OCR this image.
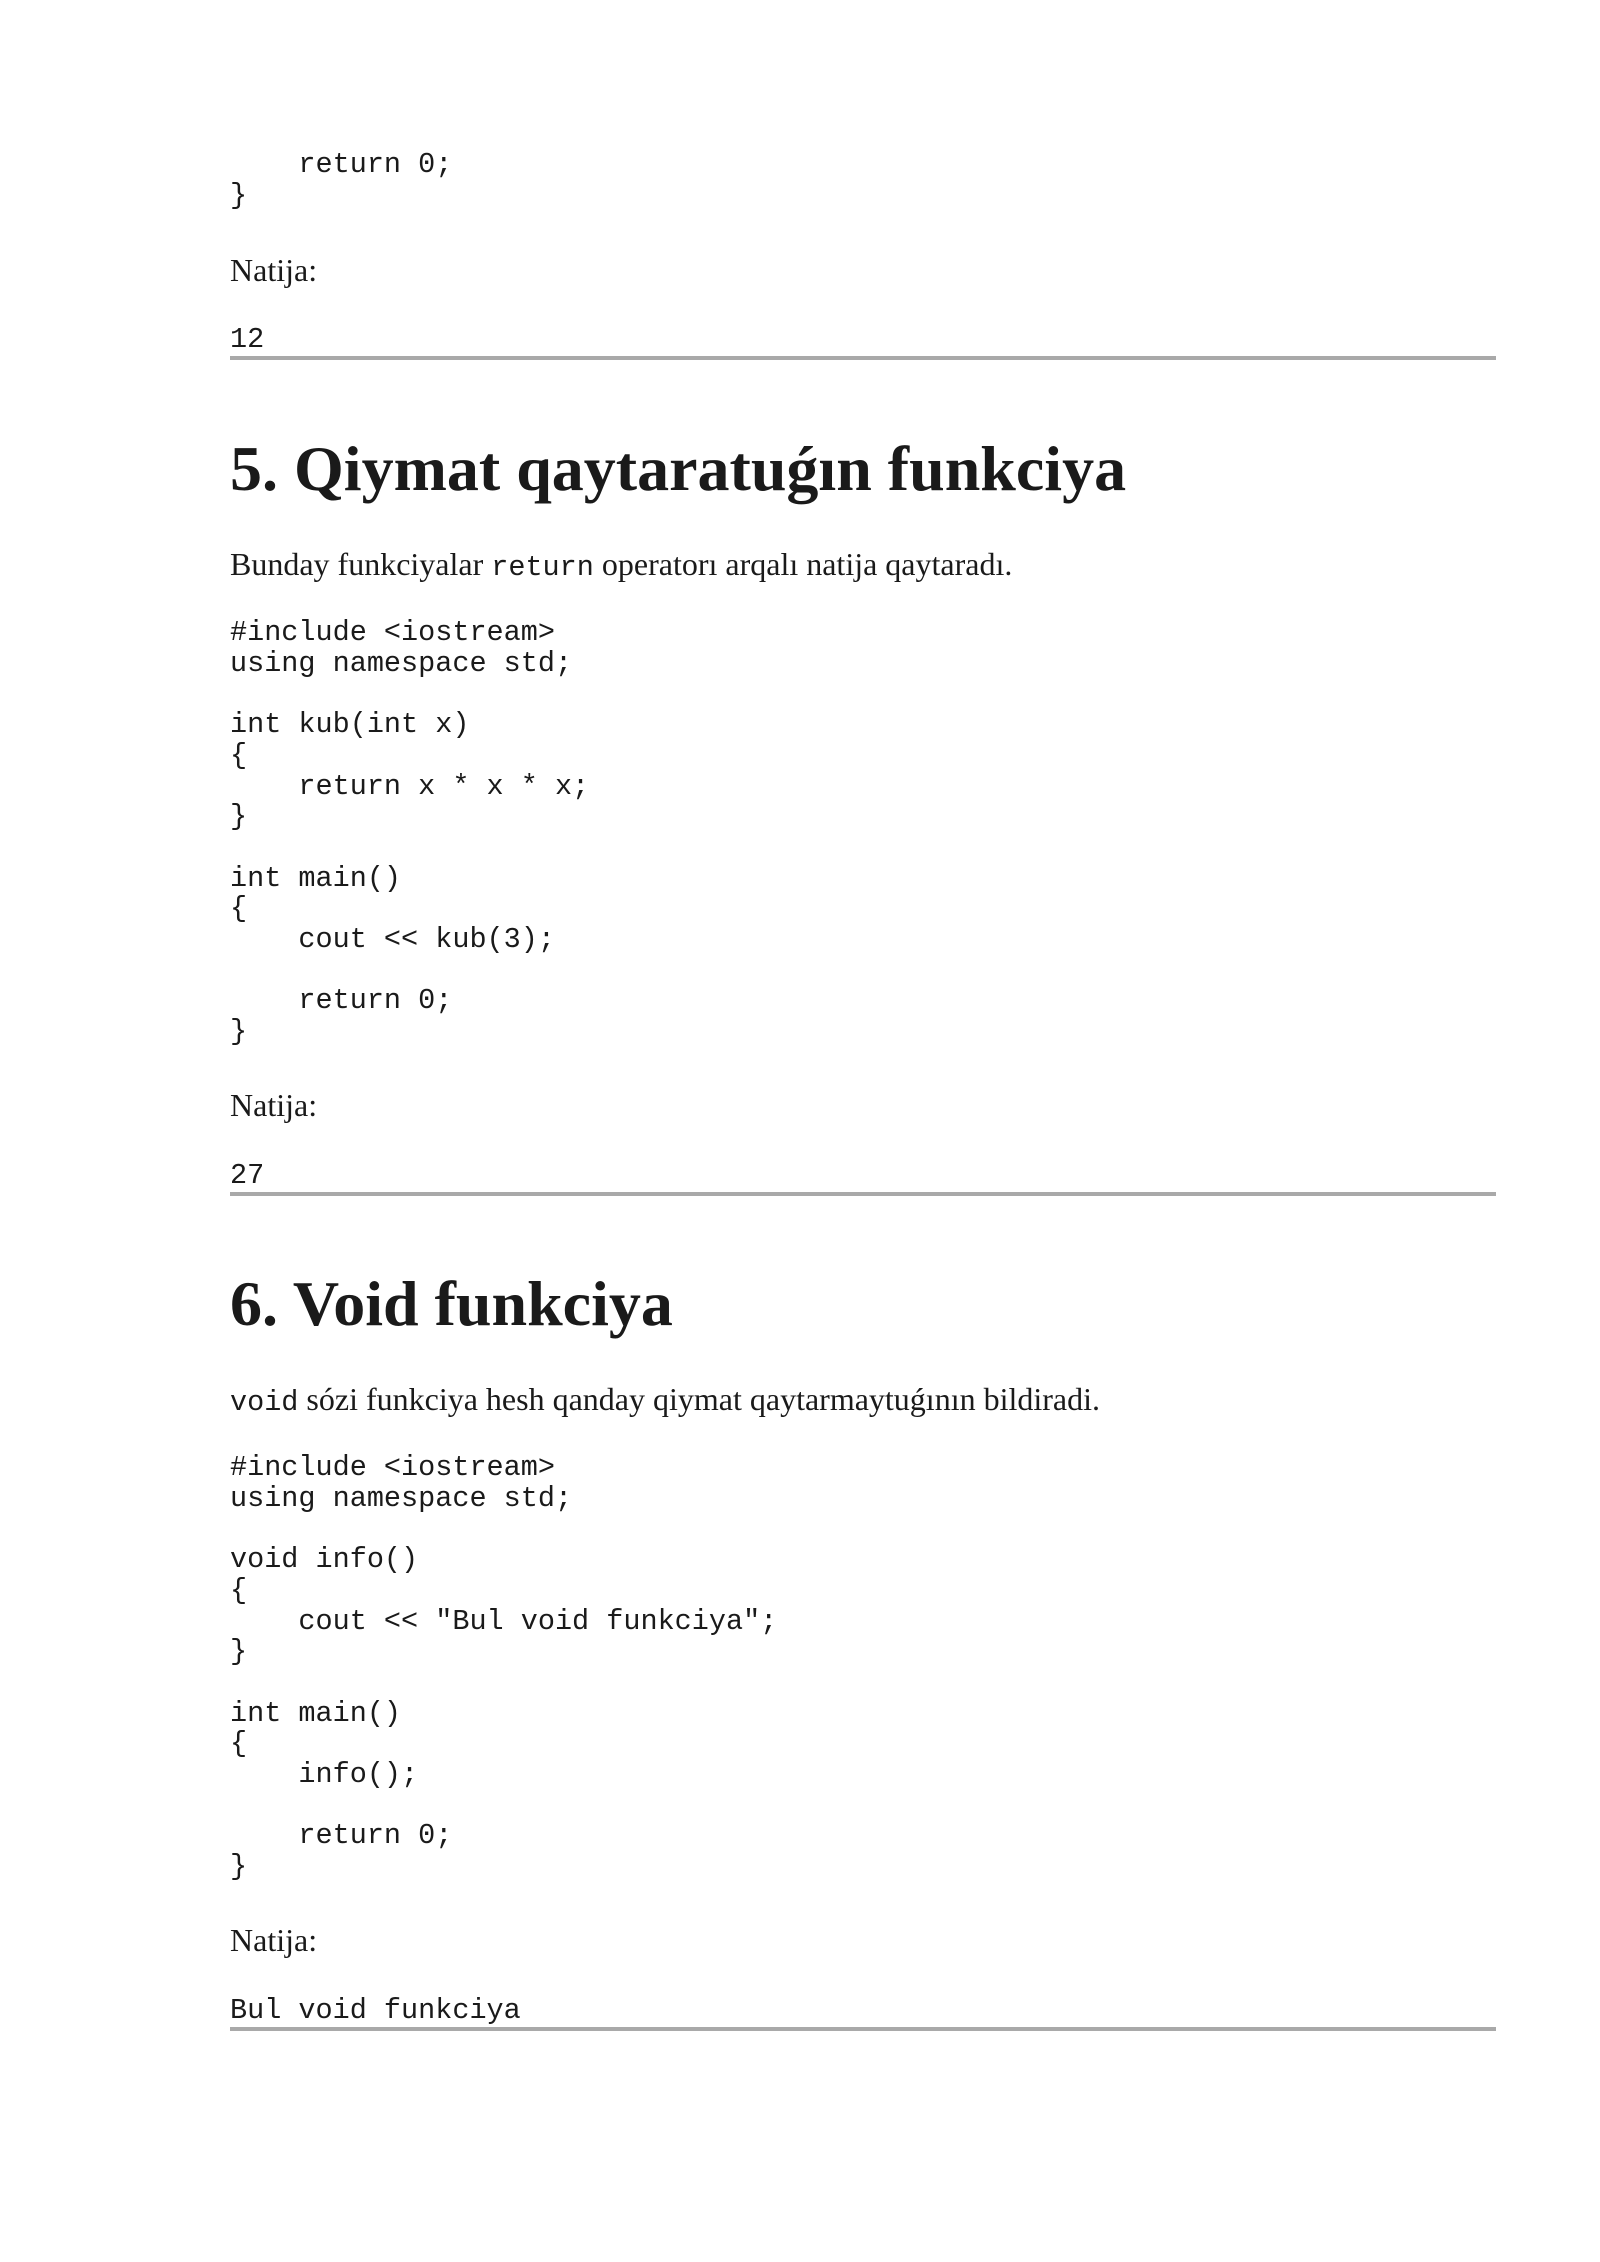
return 0;
}

Natija:

12

5. Qiymat qaytaratuǵın funkciya

Bunday funkciyalar return operatorı arqalı natija qaytaradı.

#include <iostream>
using namespace std;

int kub(int x)
{
return x * x * x;
}

int main()
{
cout << kub(3);

return 0;
}

Natija:

27

6. Void funkciya

void sózi funkciya hesh qanday qiymat qaytarmaytuǵının bildiradi.

#include <iostream>
using namespace std;

void info()
{
cout << "Bul void funkciya";
}

int main()
{
info();

return 0;
}

Natija:

Bul void funkciya
